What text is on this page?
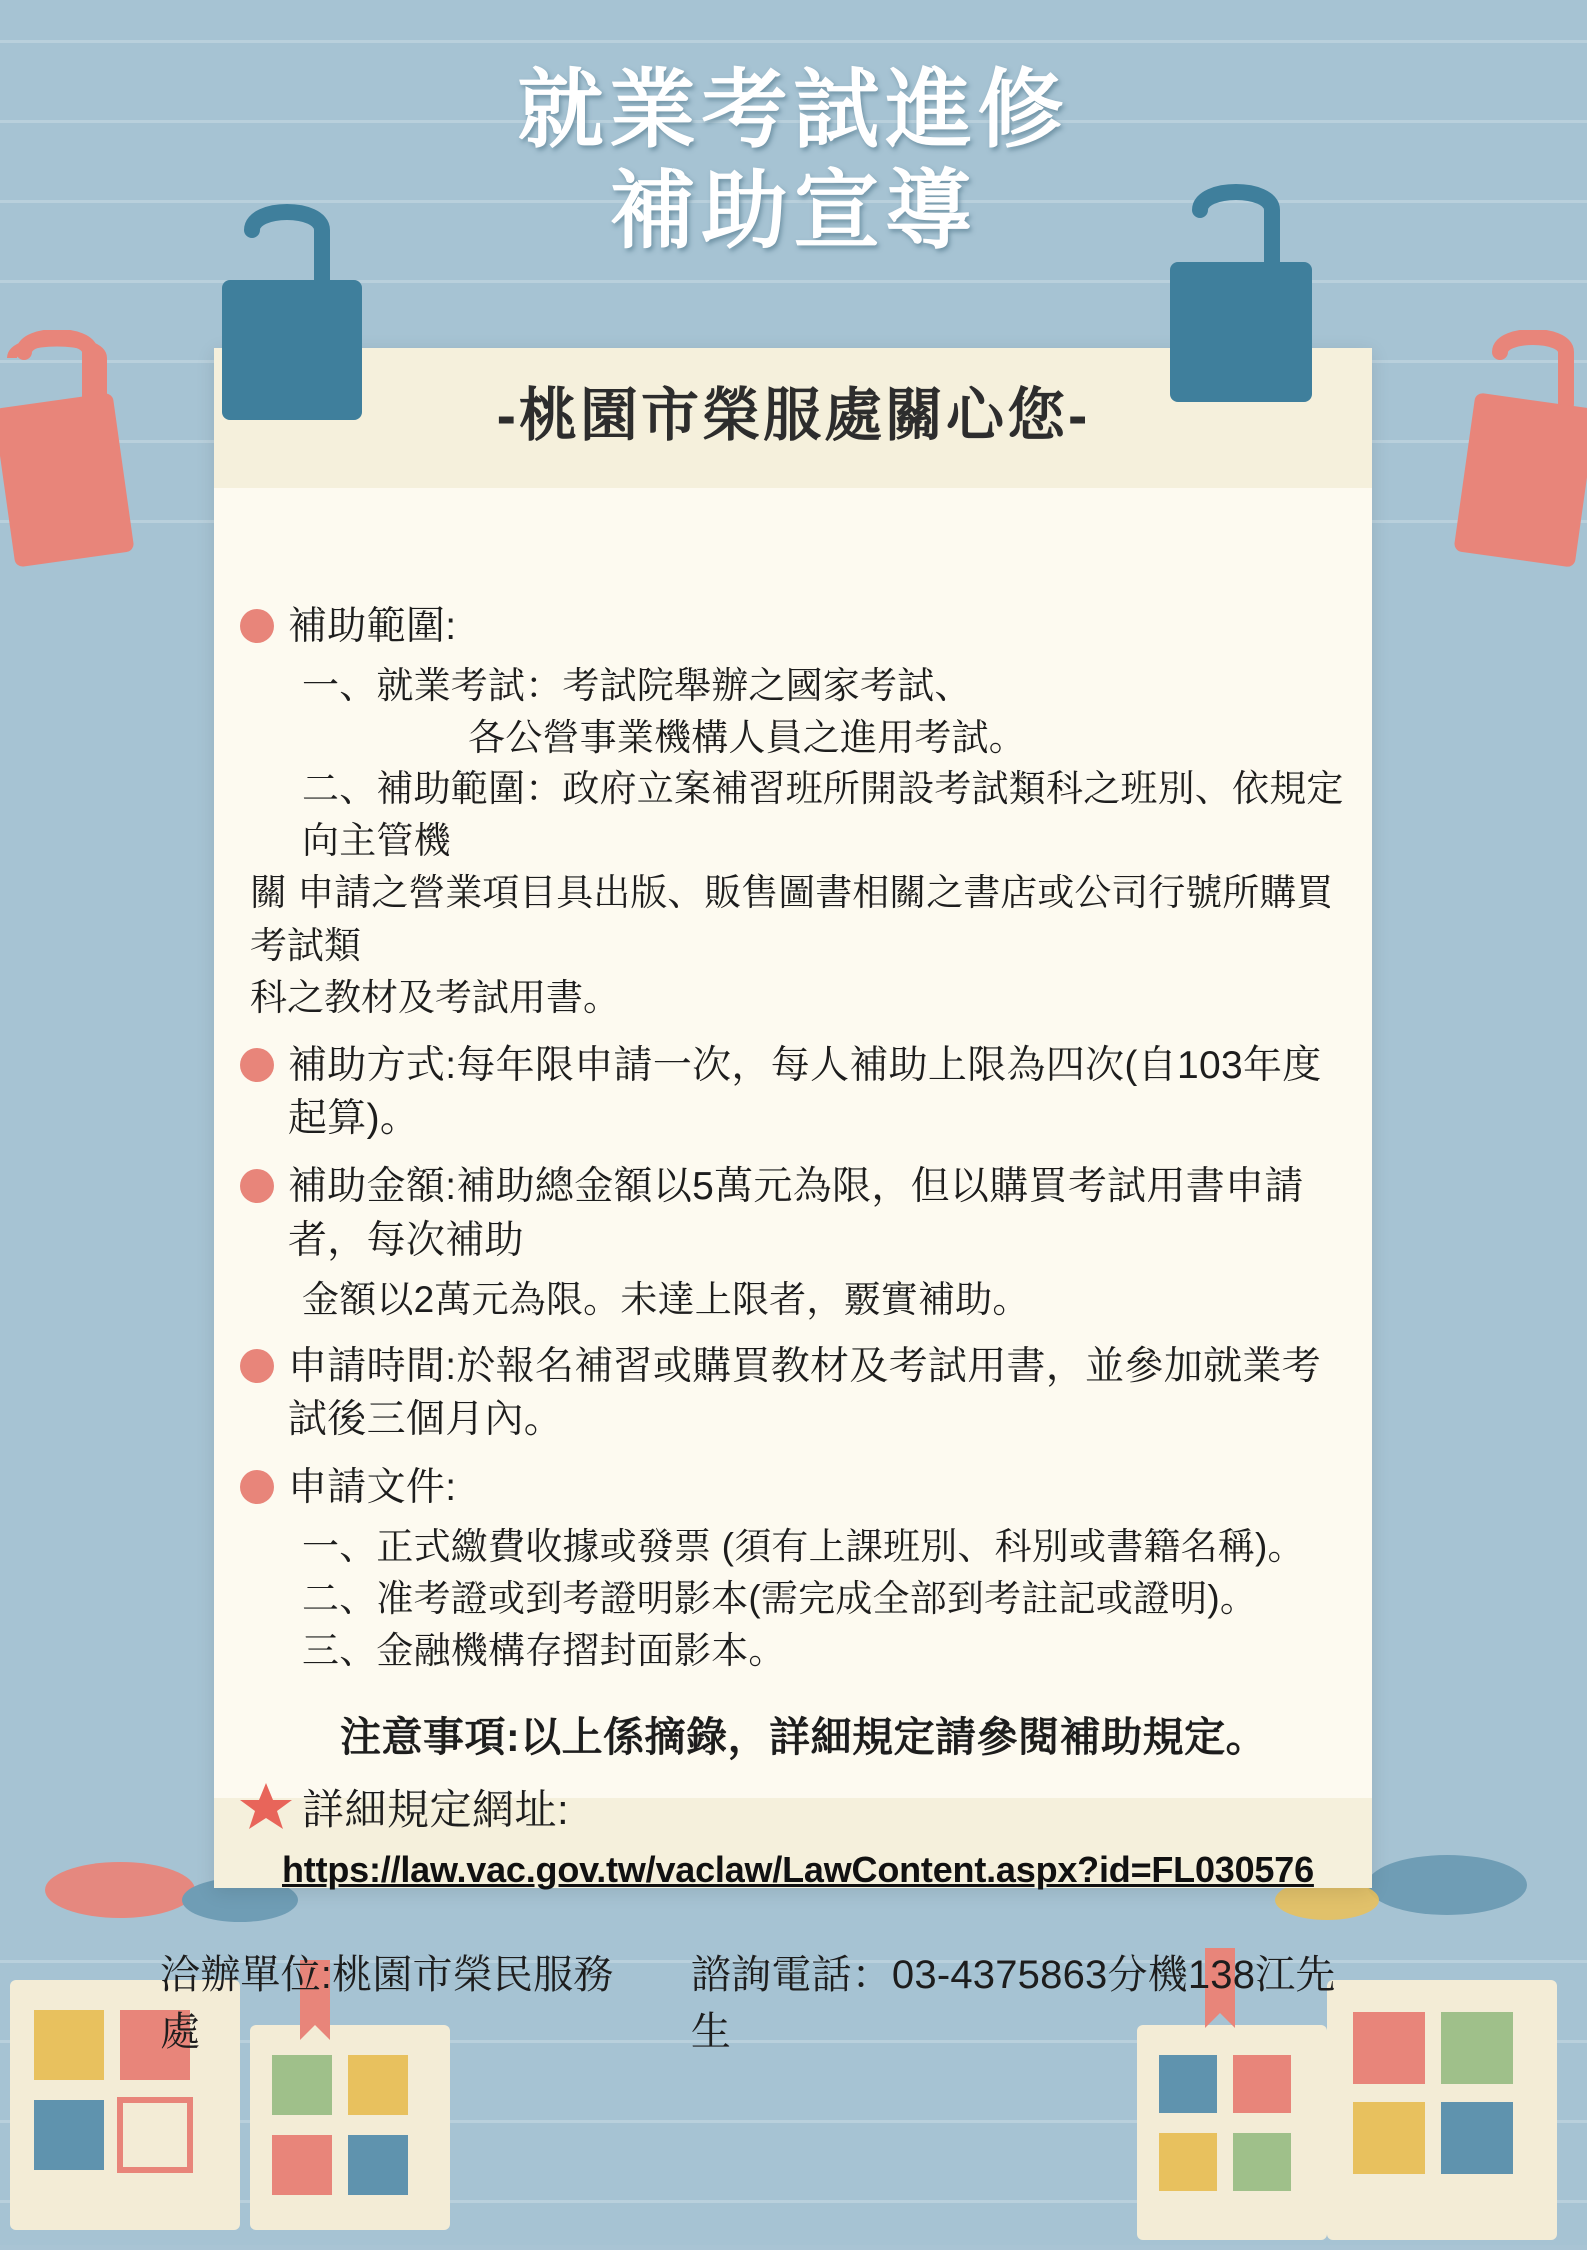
就業考試進修
補助宣導
-桃園市榮服處關心您-
補助範圍:
一、就業考試：考試院舉辦之國家考試、
各公營事業機構人員之進用考試。
二、補助範圍：政府立案補習班所開設考試類科之班別、依規定向主管機
關 申請之營業項目具出版、販售圖書相關之書店或公司行號所購買考試類
科之教材及考試用書。
補助方式:每年限申請一次，每人補助上限為四次(自103年度起算)。
補助金額:補助總金額以5萬元為限，但以購買考試用書申請者，每次補助
金額以2萬元為限。未達上限者，覈實補助。
申請時間:於報名補習或購買教材及考試用書，並參加就業考試後三個月內。
申請文件:
一、正式繳費收據或發票 (須有上課班別、科別或書籍名稱)。
二、准考證或到考證明影本(需完成全部到考註記或證明)。
三、金融機構存摺封面影本。
注意事項:以上係摘錄，詳細規定請參閱補助規定。
詳細規定網址:
https://law.vac.gov.tw/vaclaw/LawContent.aspx?id=FL030576
洽辦單位:桃園市榮民服務處
諮詢電話：03-4375863分機138江先生
